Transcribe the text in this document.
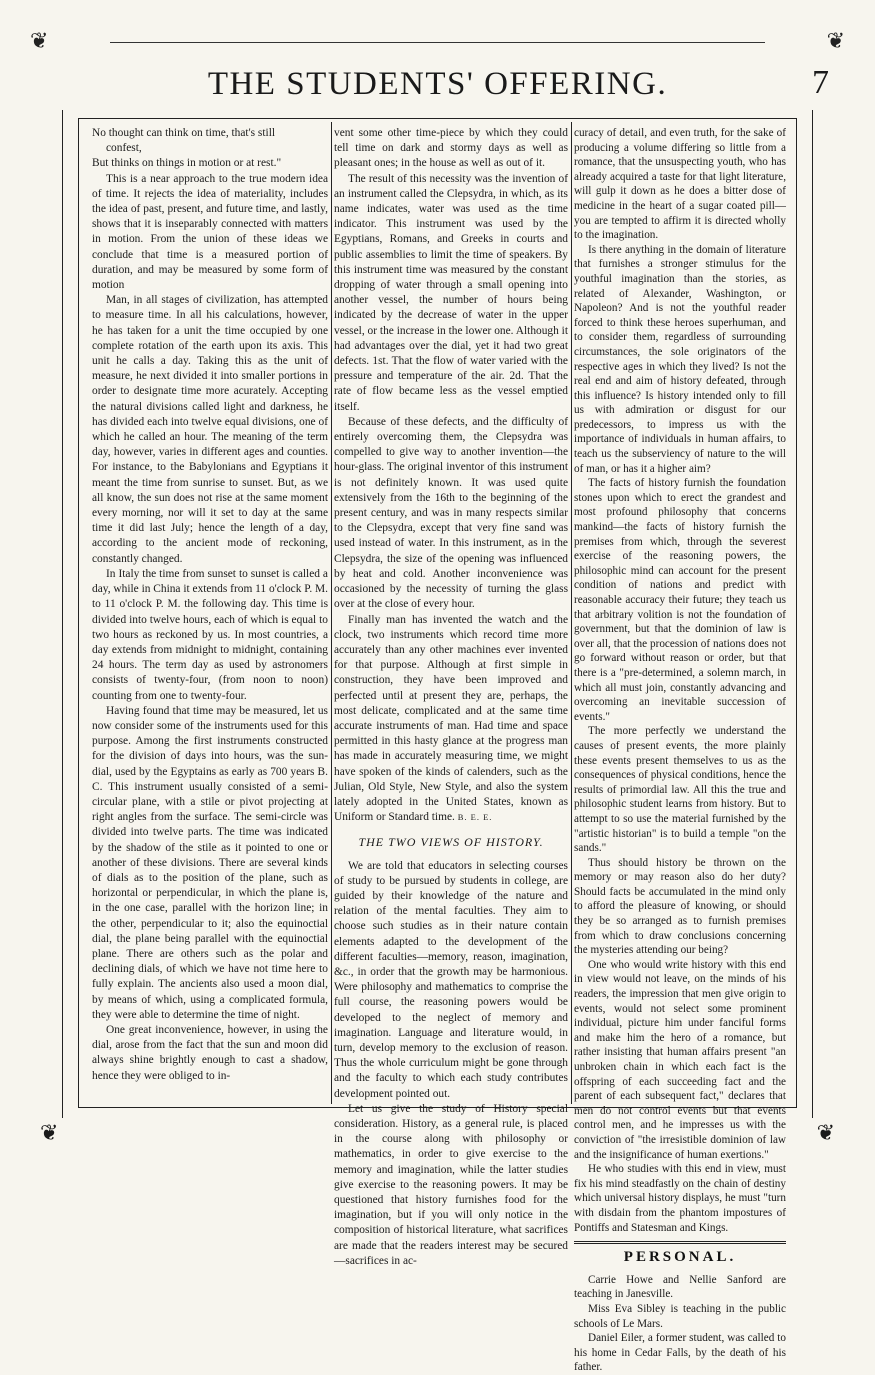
❦	❦
THE STUDENTS' OFFERING.	7

No thought can think on time, that's still

confest,

But thinks on things in motion or at rest."

This is a near approach to the true modern idea of time. It rejects the idea of materiality, includes the idea of past, present, and future time, and lastly, shows that it is inseparably connected with matters in motion. From the union of these ideas we conclude that time is a measured portion of duration, and may be measured by some form of motion

Man, in all stages of civilization, has attempted to measure time. In all his calculations, however, he has taken for a unit the time occupied by one complete rotation of the earth upon its axis. This unit he calls a day. Taking this as the unit of measure, he next divided it into smaller portions in order to designate time more acurately. Accepting the natural divisions called light and darkness, he has divided each into twelve equal divisions, one of which he called an hour. The meaning of the term day, however, varies in different ages and counties. For instance, to the Babylonians and Egyptians it meant the time from sunrise to sunset. But, as we all know, the sun does not rise at the same moment every morning, nor will it set to day at the same time it did last July; hence the length of a day, according to the ancient mode of reckoning, constantly changed.

In Italy the time from sunset to sunset is called a day, while in China it extends from 11 o'clock P. M. to 11 o'clock P. M. the following day. This time is divided into twelve hours, each of which is equal to two hours as reckoned by us. In most countries, a day extends from midnight to midnight, containing 24 hours. The term day as used by astronomers consists of twenty-four, (from noon to noon) counting from one to twenty-four.

Having found that time may be measured, let us now consider some of the instruments used for this purpose. Among the first instruments constructed for the division of days into hours, was the sun-dial, used by the Egyptains as early as 700 years B. C. This instrument usually consisted of a semi-circular plane, with a stile or pivot projecting at right angles from the surface. The semi-circle was divided into twelve parts. The time was indicated by the shadow of the stile as it pointed to one or another of these divisions. There are several kinds of dials as to the position of the plane, such as horizontal or perpendicular, in which the plane is, in the one case, parallel with the horizon line; in the other, perpendicular to it; also the equinoctial dial, the plane being parallel with the equinoctial plane. There are others such as the polar and declining dials, of which we have not time here to fully explain. The ancients also used a moon dial, by means of which, using a complicated formula, they were able to determine the time of night.

One great inconvenience, however, in using the dial, arose from the fact that the sun and moon did always shine brightly enough to cast a shadow, hence they were obliged to in-

vent some other time-piece by which they could tell time on dark and stormy days as well as pleasant ones; in the house as well as out of it.

The result of this necessity was the invention of an instrument called the Clepsydra, in which, as its name indicates, water was used as the time indicator. This instrument was used by the Egyptians, Romans, and Greeks in courts and public assemblies to limit the time of speakers. By this instrument time was measured by the constant dropping of water through a small opening into another vessel, the number of hours being indicated by the decrease of water in the upper vessel, or the increase in the lower one. Although it had advantages over the dial, yet it had two great defects. 1st. That the flow of water varied with the pressure and temperature of the air. 2d. That the rate of flow became less as the vessel emptied itself.

Because of these defects, and the difficulty of entirely overcoming them, the Clepsydra was compelled to give way to another invention—the hour-glass. The original inventor of this instrument is not definitely known. It was used quite extensively from the 16th to the beginning of the present century, and was in many respects similar to the Clepsydra, except that very fine sand was used instead of water. In this instrument, as in the Clepsydra, the size of the opening was influenced by heat and cold. Another inconvenience was occasioned by the necessity of turning the glass over at the close of every hour.

Finally man has invented the watch and the clock, two instruments which record time more accurately than any other machines ever invented for that purpose. Although at first simple in construction, they have been improved and perfected until at present they are, perhaps, the most delicate, complicated and at the same time accurate instruments of man. Had time and space permitted in this hasty glance at the progress man has made in accurately measuring time, we might have spoken of the kinds of calenders, such as the Julian, Old Style, New Style, and also the system lately adopted in the United States, known as Uniform or Standard time. B. E. E.

THE TWO VIEWS OF HISTORY.

We are told that educators in selecting courses of study to be pursued by students in college, are guided by their knowledge of the nature and relation of the mental faculties. They aim to choose such studies as in their nature contain elements adapted to the development of the different faculties—memory, reason, imagination, &c., in order that the growth may be harmonious. Were philosophy and mathematics to comprise the full course, the reasoning powers would be developed to the neglect of memory and imagination. Language and literature would, in turn, develop memory to the exclusion of reason. Thus the whole curriculum might be gone through and the faculty to which each study contributes development pointed out.

Let us give the study of History special consideration. History, as a general rule, is placed in the course along with philosophy or mathematics, in order to give exercise to the memory and imagination, while the latter studies give exercise to the reasoning powers. It may be questioned that history furnishes food for the imagination, but if you will only notice in the composition of historical literature, what sacrifices are made that the readers interest may be secured—sacrifices in ac-

curacy of detail, and even truth, for the sake of producing a volume differing so little from a romance, that the unsuspecting youth, who has already acquired a taste for that light literature, will gulp it down as he does a bitter dose of medicine in the heart of a sugar coated pill—you are tempted to affirm it is directed wholly to the imagination.

Is there anything in the domain of literature that furnishes a stronger stimulus for the youthful imagination than the stories, as related of Alexander, Washington, or Napoleon? And is not the youthful reader forced to think these heroes superhuman, and to consider them, regardless of surrounding circumstances, the sole originators of the respective ages in which they lived? Is not the real end and aim of history defeated, through this influence? Is history intended only to fill us with admiration or disgust for our predecessors, to impress us with the importance of individuals in human affairs, to teach us the subserviency of nature to the will of man, or has it a higher aim?

The facts of history furnish the foundation stones upon which to erect the grandest and most profound philosophy that concerns mankind—the facts of history furnish the premises from which, through the severest exercise of the reasoning powers, the philosophic mind can account for the present condition of nations and predict with reasonable accuracy their future; they teach us that arbitrary volition is not the foundation of government, but that the dominion of law is over all, that the procession of nations does not go forward without reason or order, but that there is a "pre-determined, a solemn march, in which all must join, constantly advancing and overcoming an inevitable succession of events."

The more perfectly we understand the causes of present events, the more plainly these events present themselves to us as the consequences of physical conditions, hence the results of primordial law. All this the true and philosophic student learns from history. But to attempt to so use the material furnished by the "artistic historian" is to build a temple "on the sands."

Thus should history be thrown on the memory or may reason also do her duty? Should facts be accumulated in the mind only to afford the pleasure of knowing, or should they be so arranged as to furnish premises from which to draw conclusions concerning the mysteries attending our being?

One who would write history with this end in view would not leave, on the minds of his readers, the impression that men give origin to events, would not select some prominent individual, picture him under fanciful forms and make him the hero of a romance, but rather insisting that human affairs present "an unbroken chain in which each fact is the offspring of each succeeding fact and the parent of each subsequent fact," declares that men do not control events but that events control men, and he impresses us with the conviction of "the irresistible dominion of law and the insignificance of human exertions."

He who studies with this end in view, must fix his mind steadfastly on the chain of destiny which universal history displays, he must "turn with disdain from the phantom impostures of Pontiffs and Statesman and Kings.

PERSONAL.

Carrie Howe and Nellie Sanford are teaching in Janesville.

Miss Eva Sibley is teaching in the public schools of Le Mars.

Daniel Eiler, a former student, was called to his home in Cedar Falls, by the death of his father.

❦	❦
